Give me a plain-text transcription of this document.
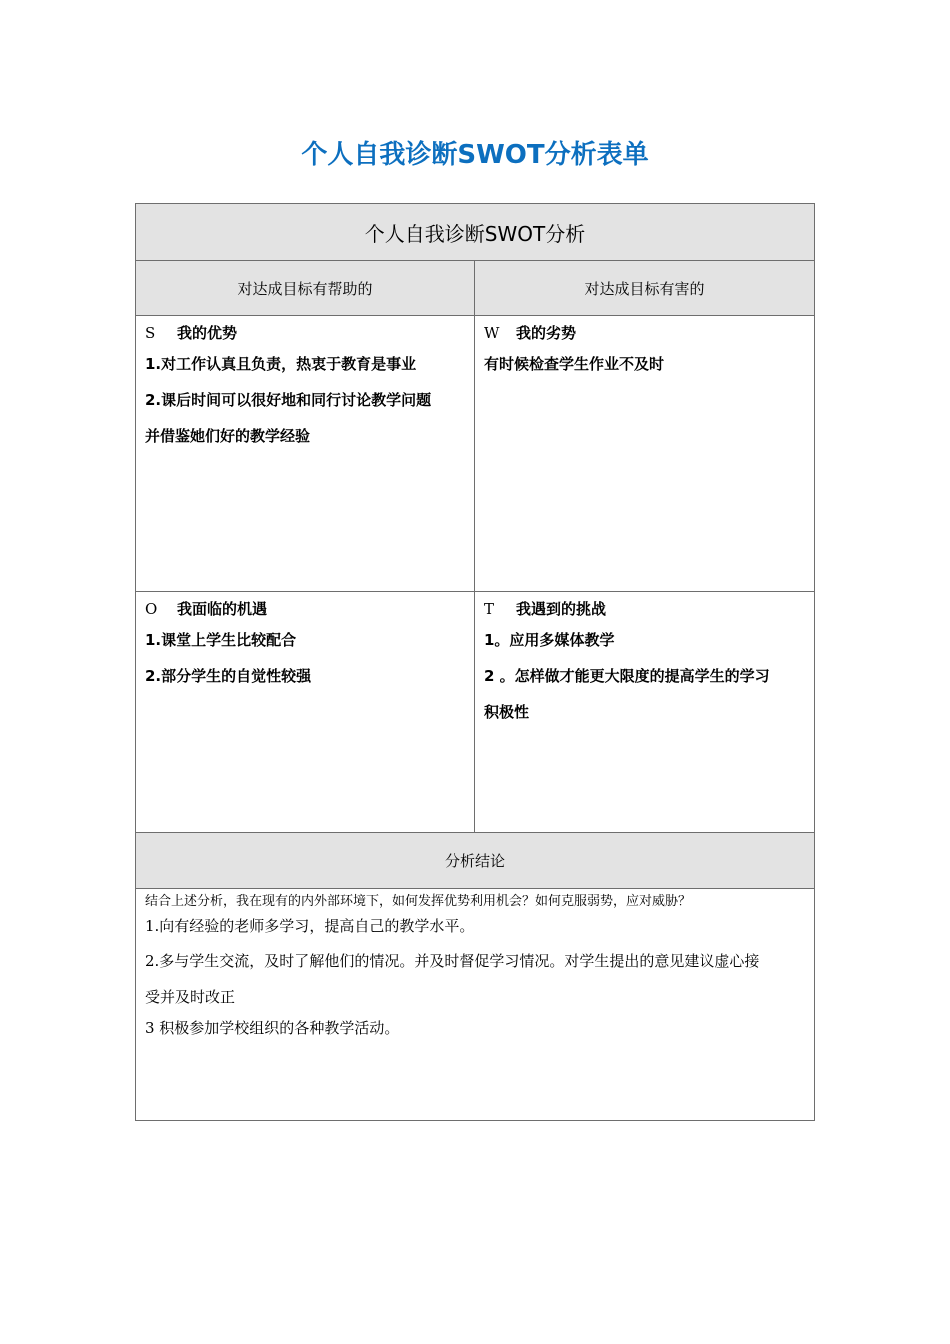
个人自我诊断SWOT分析表单
个人自我诊断SWOT分析
对达成目标有帮助的	对达成目标有害的
S	我的优势
1.对工作认真且负责，热衷于教育是事业
2.课后时间可以很好地和同行讨论教学问题
并借鉴她们好的教学经验
W	我的劣势
有时候检查学生作业不及时
O	我面临的机遇
1.课堂上学生比较配合
2.部分学生的自觉性较强
T	我遇到的挑战
1。应用多媒体教学
2 。怎样做才能更大限度的提高学生的学习
积极性
分析结论
结合上述分析，我在现有的内外部环境下，如何发挥优势利用机会？如何克服弱势，应对威胁？
1.向有经验的老师多学习，提高自己的教学水平。
2.多与学生交流，及时了解他们的情况。并及时督促学习情况。对学生提出的意见建议虚心接
受并及时改正
3 积极参加学校组织的各种教学活动。
